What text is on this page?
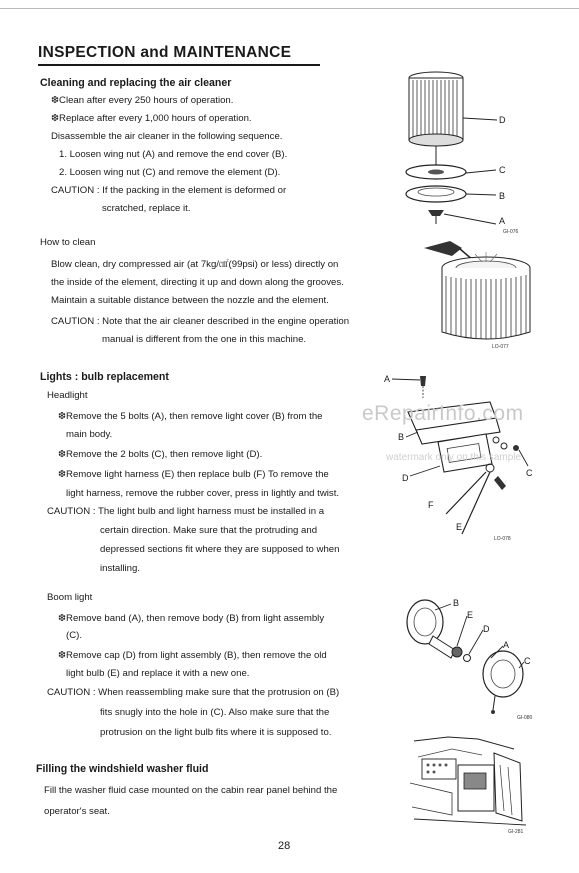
INSPECTION and MAINTENANCE
Cleaning and replacing the air cleaner
❆Clean after every 250 hours of operation.
❆Replace after every 1,000 hours of operation.
Disassemble the air cleaner in the following sequence.
1. Loosen wing nut (A) and remove the end cover (B).
2. Loosen wing nut (C) and remove the element (D).
CAUTION : If the packing in the element is deformed or
scratched, replace it.
How to clean
Blow clean, dry compressed air (at 7kg/㎠(99psi) or less) directly on
the inside of the element, directing it up and down along the grooves.
Maintain a suitable distance between the nozzle and the element.
CAUTION : Note that the air cleaner described in the engine operation
manual is different from the one in this machine.
D
C
B
A
GI-076
LO-077
Lights : bulb replacement
Headlight
❆Remove the 5 bolts (A), then remove light cover (B) from the
main body.
❆Remove the 2 bolts (C), then remove light (D).
❆Remove light harness (E) then replace bulb (F) To remove the
light harness, remove the rubber cover, press in lightly and twist.
CAUTION : The light bulb and light harness must be installed in a
certain direction. Make sure that the protruding and
depressed sections fit where they are supposed to when
installing.
Boom light
❆Remove band (A), then remove body (B) from light assembly
(C).
❆Remove cap (D) from light assembly (B), then remove the old
light bulb (E) and replace it with a new one.
CAUTION : When reassembling make sure that the protrusion on (B)
fits snugly into the hole in (C). Also make sure that the
protrusion on the light bulb fits where it is supposed to.
A
B
C
D
F
E
LO-078
B
E
D
A
C
GI-080
Filling the windshield washer fluid
Fill the washer fluid case mounted on the cabin rear panel behind the
operator's seat.
GI-281
eRepairInfo.com
watermark only on this sample
28
